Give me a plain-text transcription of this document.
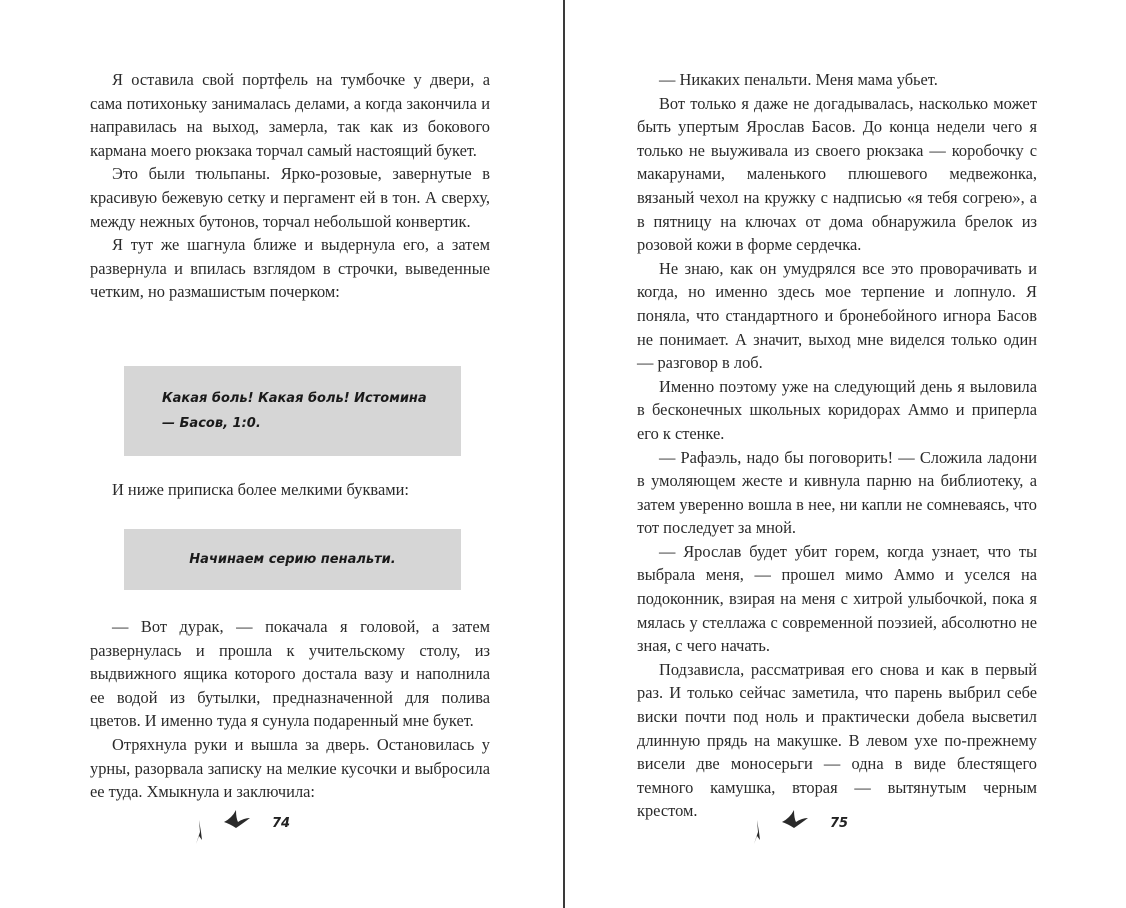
Я оставила свой портфель на тумбочке у двери, а сама потихоньку занималась делами, а когда закончила и направилась на выход, замерла, так как из бокового кармана моего рюкзака торчал самый настоящий букет.

Это были тюльпаны. Ярко-розовые, завернутые в красивую бежевую сетку и пергамент ей в тон. А сверху, между нежных бутонов, торчал небольшой конвертик.

Я тут же шагнула ближе и выдернула его, а затем развернула и впилась взглядом в строчки, выведенные четким, но размашистым почерком:

Какая боль! Какая боль! Истомина — Басов, 1:0.

И ниже приписка более мелкими буквами:

Начинаем серию пенальти.

— Вот дурак, — покачала я головой, а затем развернулась и прошла к учительскому столу, из выдвижного ящика которого достала вазу и наполнила ее водой из бутылки, предназначенной для полива цветов. И именно туда я сунула подаренный мне букет.

Отряхнула руки и вышла за дверь. Остановилась у урны, разорвала записку на мелкие кусочки и выбросила ее туда. Хмыкнула и заключила:

74

— Никаких пенальти. Меня мама убьет.

Вот только я даже не догадывалась, насколько может быть упертым Ярослав Басов. До конца недели чего я только не выуживала из своего рюкзака — коробочку с макарунами, маленького плюшевого медвежонка, вязаный чехол на кружку с надписью «я тебя согрею», а в пятницу на ключах от дома обнаружила брелок из розовой кожи в форме сердечка.

Не знаю, как он умудрялся все это проворачивать и когда, но именно здесь мое терпение и лопнуло. Я поняла, что стандартного и бронебойного игнора Басов не понимает. А значит, выход мне виделся только один — разговор в лоб.

Именно поэтому уже на следующий день я выловила в бесконечных школьных коридорах Аммо и приперла его к стенке.

— Рафаэль, надо бы поговорить! — Сложила ладони в умоляющем жесте и кивнула парню на библиотеку, а затем уверенно вошла в нее, ни капли не сомневаясь, что тот последует за мной.

— Ярослав будет убит горем, когда узнает, что ты выбрала меня, — прошел мимо Аммо и уселся на подоконник, взирая на меня с хитрой улыбочкой, пока я мялась у стеллажа с современной поэзией, абсолютно не зная, с чего начать.

Подзависла, рассматривая его снова и как в первый раз. И только сейчас заметила, что парень выбрил себе виски почти под ноль и практически добела высветил длинную прядь на макушке. В левом ухе по-прежнему висели две моносерьги — одна в виде блестящего темного камушка, вторая — вытянутым черным крестом.

75
